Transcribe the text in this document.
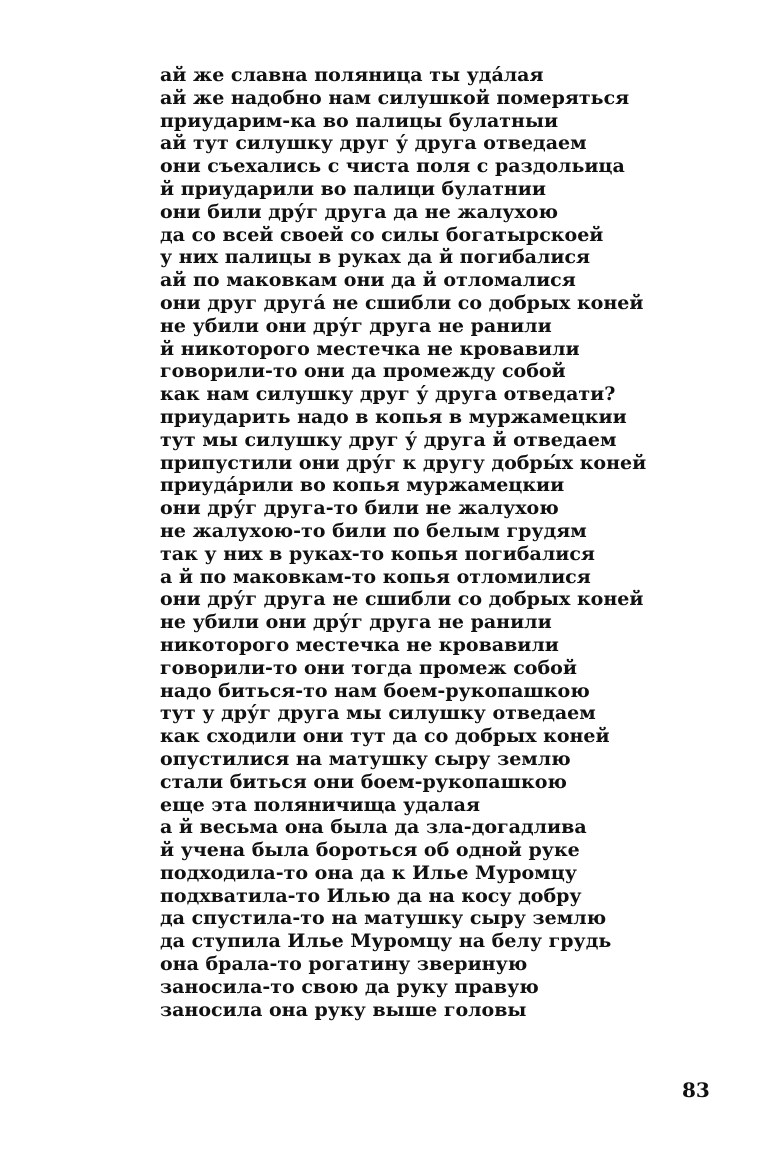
ай же славна поляница ты уда́лая
ай же надобно нам силушкой померяться
приударим-ка во палицы булатныи
ай тут силушку друг у́ друга отведаем
они съехались с чиста поля с раздольица
й приударили во палици булатнии
они били дру́г друга да не жалухою
да со всей своей со силы богатырскоей
у них палицы в руках да й погибалися
ай по маковкам они да й отломалися
они друг друга́ не сшибли со добрых коней
не убили они дру́г друга не ранили
й никоторого местечка не кровавили
говорили-то они да промежду собой
как нам силушку друг у́ друга отведати?
приударить надо в копья в муржамецкии
тут мы силушку друг у́ друга й отведаем
припустили они дру́г к другу добры́х коней
приуда́рили во копья муржамецкии
они дру́г друга-то били не жалухою
не жалухою-то били по белым грудям
так у них в руках-то копья погибалися
а й по маковкам-то копья отломилися
они дру́г друга не сшибли со добрых коней
не убили они дру́г друга не ранили
никоторого местечка не кровавили
говорили-то они тогда промеж собой
надо биться-то нам боем-рукопашкою
тут у дру́г друга мы силушку отведаем
как сходили они тут да со добрых коней
опустилися на матушку сыру землю
стали биться они боем-рукопашкою
еще эта поляничища удалая
а й весьма она была да зла-догадлива
й учена была бороться об одной руке
подходила-то она да к Илье Муромцу
подхватила-то Илью да на косу добру
да спустила-то на матушку сыру землю
да ступила Илье Муромцу на белу грудь
она брала-то рогатину звериную
заносила-то свою да руку правую
заносила она руку выше головы
83
